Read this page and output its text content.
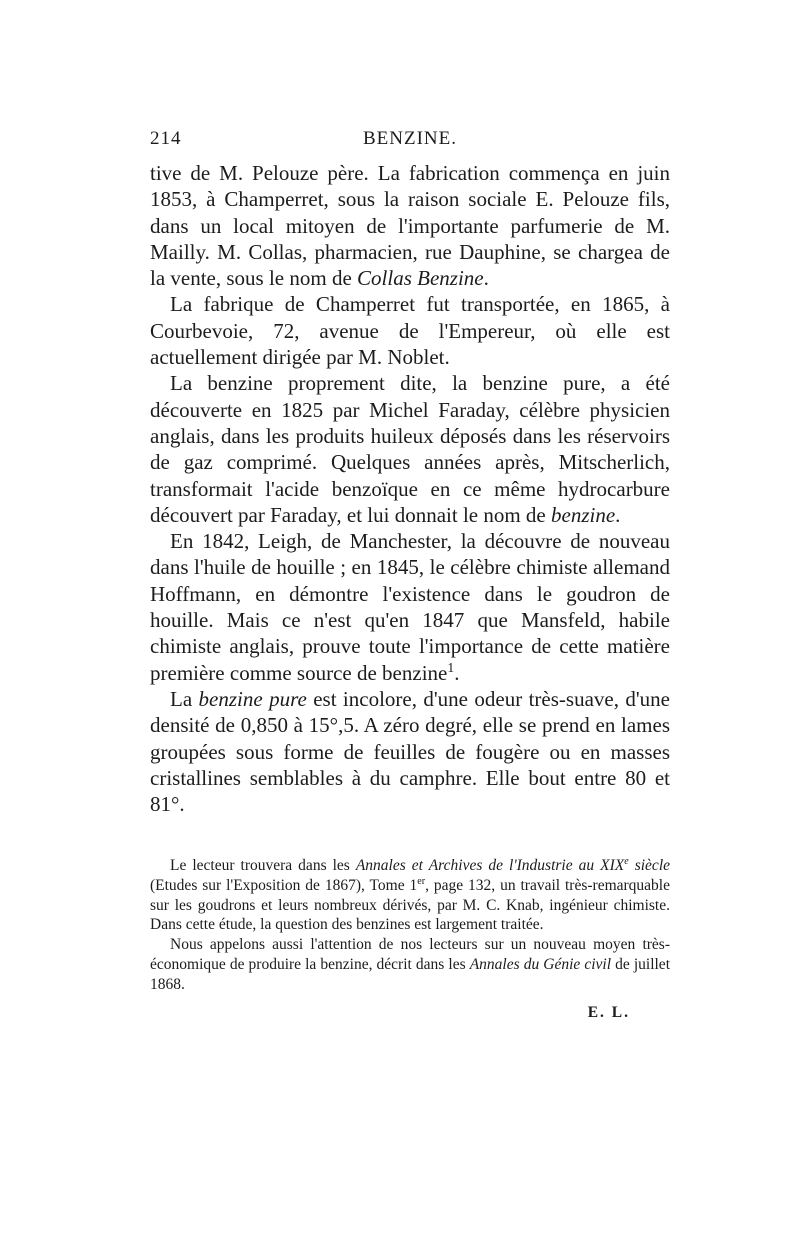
214	BENZINE.

tive de M. Pelouze père. La fabrication commença en juin 1853, à Champerret, sous la raison sociale E. Pelouze fils, dans un local mitoyen de l'importante parfumerie de M. Mailly. M. Collas, pharmacien, rue Dauphine, se chargea de la vente, sous le nom de Collas Benzine.

La fabrique de Champerret fut transportée, en 1865, à Courbevoie, 72, avenue de l'Empereur, où elle est actuellement dirigée par M. Noblet.

La benzine proprement dite, la benzine pure, a été découverte en 1825 par Michel Faraday, célèbre physicien anglais, dans les produits huileux déposés dans les réservoirs de gaz comprimé. Quelques années après, Mitscherlich, transformait l'acide benzoïque en ce même hydrocarbure découvert par Faraday, et lui donnait le nom de benzine.

En 1842, Leigh, de Manchester, la découvre de nouveau dans l'huile de houille ; en 1845, le célèbre chimiste allemand Hoffmann, en démontre l'existence dans le goudron de houille. Mais ce n'est qu'en 1847 que Mansfeld, habile chimiste anglais, prouve toute l'importance de cette matière première comme source de benzine$^1$.

La benzine pure est incolore, d'une odeur très-suave, d'une densité de 0,850 à 15°,5. A zéro degré, elle se prend en lames groupées sous forme de feuilles de fougère ou en masses cristallines semblables à du camphre. Elle bout entre 80 et 81°.

Le lecteur trouvera dans les Annales et Archives de l'Industrie au XIXe siècle (Etudes sur l'Exposition de 1867), Tome 1er, page 132, un travail très-remarquable sur les goudrons et leurs nombreux dérivés, par M. C. Knab, ingénieur chimiste. Dans cette étude, la question des benzines est largement traitée.

Nous appelons aussi l'attention de nos lecteurs sur un nouveau moyen très-économique de produire la benzine, décrit dans les Annales du Génie civil de juillet 1868.

E. L.
